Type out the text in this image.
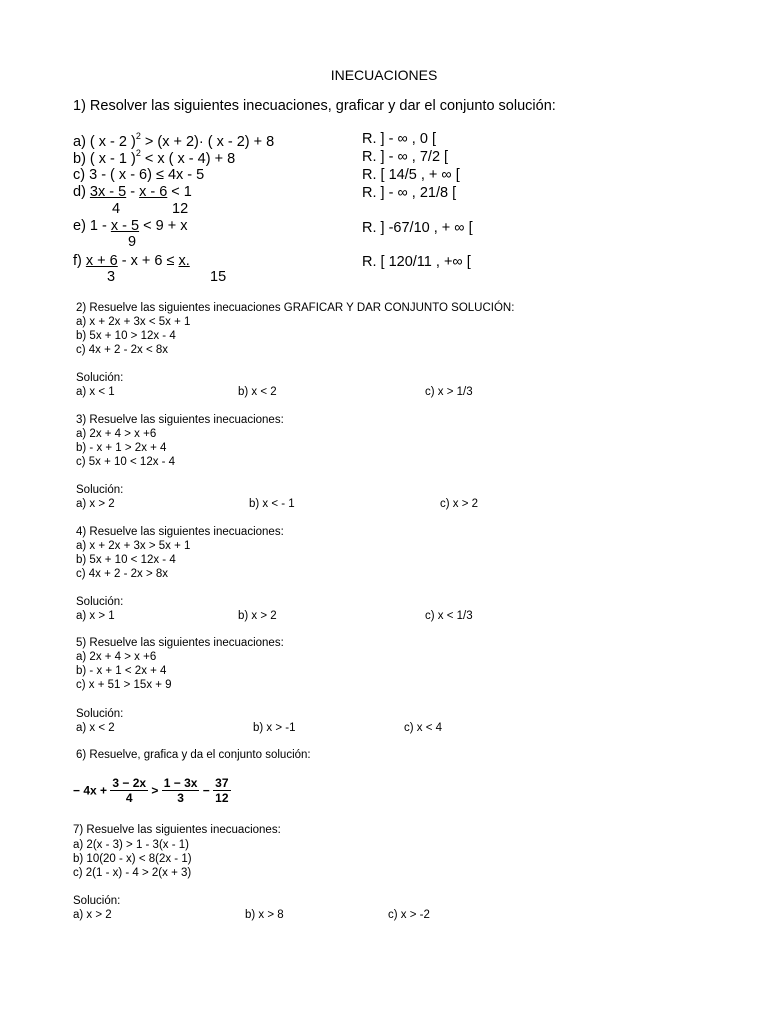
INECUACIONES
1) Resolver las siguientes inecuaciones, graficar y dar el conjunto solución:
a) ( x - 2 )$^2$ > (x + 2)· ( x - 2) + 8	R. ] - ∞ , 0 [
b) ( x - 1 )$^2$ < x ( x - 4) + 8	R. ] - ∞ , 7/2 [
c) 3 - ( x - 6) ≤ 4x - 5	R. [ 14/5 , + ∞ [
d) 3x - 5 - x - 6 < 1
4	12
R. ] - ∞ , 21/8 [
e) 1 - x - 5 < 9 + x
9
R. ] -67/10 , + ∞ [
f) x + 6 - x + 6 ≤ x.
3	15
R. [ 120/11 , +∞ [
2) Resuelve las siguientes inecuaciones GRAFICAR Y DAR CONJUNTO SOLUCIÓN:
a) x + 2x + 3x < 5x + 1
b) 5x + 10 > 12x - 4
c) 4x + 2 - 2x < 8x
Solución:
a) x < 1	b) x < 2	c) x > 1/3
3) Resuelve las siguientes inecuaciones:
a) 2x + 4 > x +6
b) - x + 1 > 2x + 4
c) 5x + 10 < 12x - 4
Solución:
a) x > 2	b) x < - 1	c) x > 2
4) Resuelve las siguientes inecuaciones:
a) x + 2x + 3x > 5x + 1
b) 5x + 10 < 12x - 4
c) 4x + 2 - 2x > 8x
Solución:
a) x > 1	b) x > 2	c) x < 1/3
5) Resuelve las siguientes inecuaciones:
a) 2x + 4 > x +6
b) - x + 1 < 2x + 4
c) x + 51 > 15x + 9
Solución:
a) x < 2	b) x > -1	c) x < 4
6) Resuelve, grafica y da el conjunto solución:
− $4x + \frac{3 - 2x}{4} > \frac{1 - 3x}{3} - \frac{37}{12}$
7) Resuelve las siguientes inecuaciones:
a) 2(x - 3) > 1 - 3(x - 1)
b) 10(20 - x) < 8(2x - 1)
c) 2(1 - x) - 4 > 2(x + 3)
Solución:
a) x > 2	b) x > 8	c) x > -2
